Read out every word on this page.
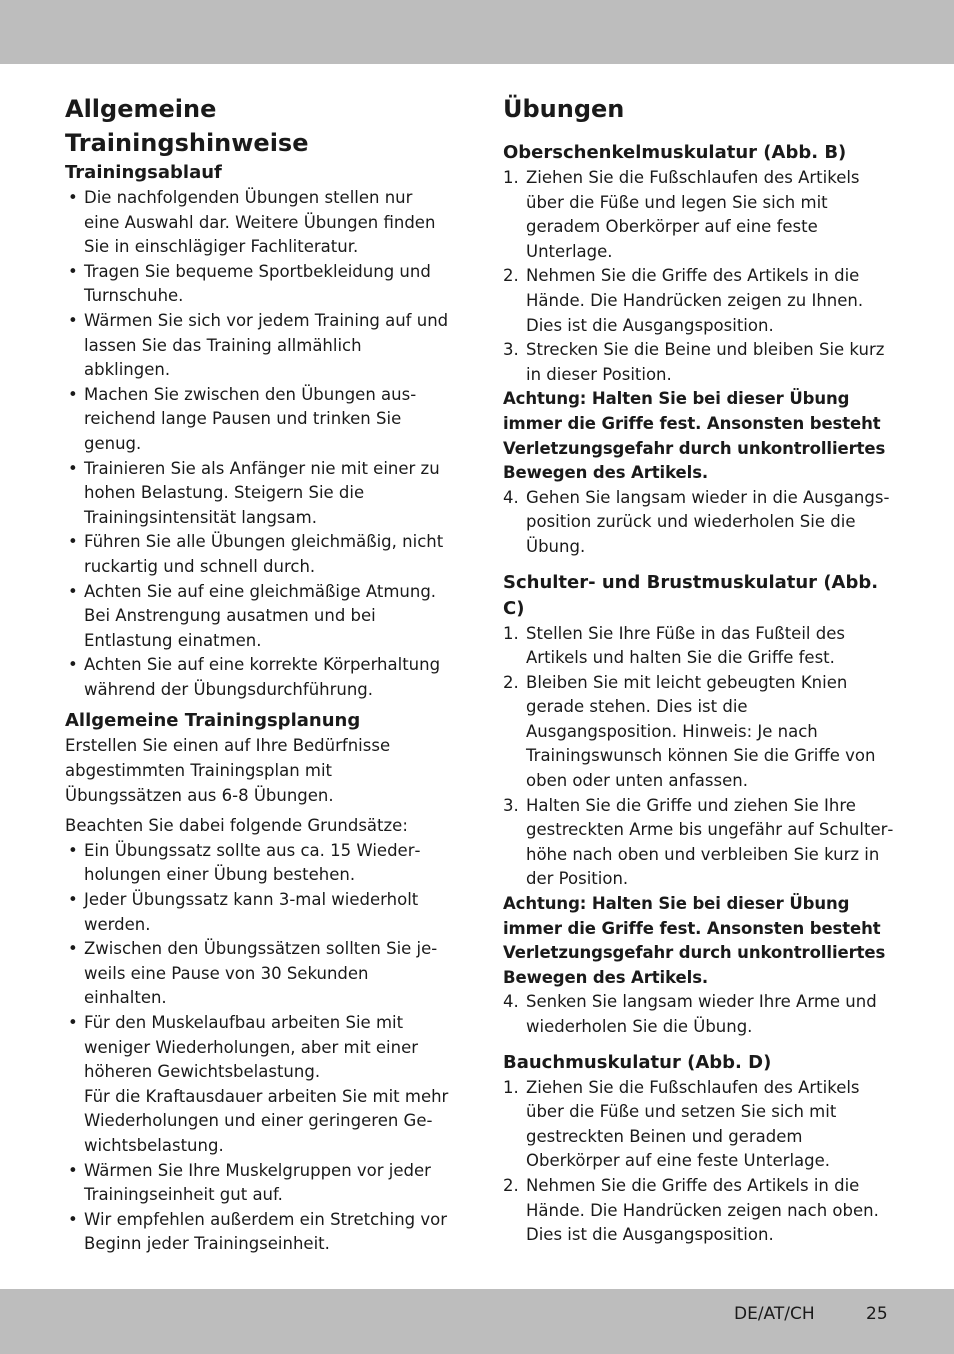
Allgemeine Trainingshinweise
Trainingsablauf
• Die nachfolgenden Übungen stellen nur eine Auswahl dar. Weitere Übungen finden Sie in einschlägiger Fachliteratur.
• Tragen Sie bequeme Sportbekleidung und Turnschuhe.
• Wärmen Sie sich vor jedem Training auf und lassen Sie das Training allmählich abklingen.
• Machen Sie zwischen den Übungen ausreichend lange Pausen und trinken Sie genug.
• Trainieren Sie als Anfänger nie mit einer zu hohen Belastung. Steigern Sie die Trainingsintensität langsam.
• Führen Sie alle Übungen gleichmäßig, nicht ruckartig und schnell durch.
• Achten Sie auf eine gleichmäßige Atmung. Bei Anstrengung ausatmen und bei Entlastung einatmen.
• Achten Sie auf eine korrekte Körperhaltung während der Übungsdurchführung.
Allgemeine Trainingsplanung

Erstellen Sie einen auf Ihre Bedürfnisse abgestimmten Trainingsplan mit Übungssätzen aus 6-8 Übungen.

Beachten Sie dabei folgende Grundsätze:

• Ein Übungssatz sollte aus ca. 15 Wiederholungen einer Übung bestehen.
• Jeder Übungssatz kann 3-mal wiederholt werden.
• Zwischen den Übungssätzen sollten Sie jeweils eine Pause von 30 Sekunden einhalten.
• Für den Muskelaufbau arbeiten Sie mit weniger Wiederholungen, aber mit einer höheren Gewichtsbelastung.
Für die Kraftausdauer arbeiten Sie mit mehr Wiederholungen und einer geringeren Gewichtsbelastung.
• Wärmen Sie Ihre Muskelgruppen vor jeder Trainingseinheit gut auf.
• Wir empfehlen außerdem ein Stretching vor Beginn jeder Trainingseinheit.
Übungen
Oberschenkelmuskulatur (Abb. B)
1. Ziehen Sie die Fußschlaufen des Artikels über die Füße und legen Sie sich mit geradem Oberkörper auf eine feste Unterlage.
2. Nehmen Sie die Griffe des Artikels in die Hände. Die Handrücken zeigen zu Ihnen. Dies ist die Ausgangsposition.
3. Strecken Sie die Beine und bleiben Sie kurz in dieser Position.

Achtung: Halten Sie bei dieser Übung immer die Griffe fest. Ansonsten besteht Verletzungsgefahr durch unkontrolliertes Bewegen des Artikels.

4. Gehen Sie langsam wieder in die Ausgangsposition zurück und wiederholen Sie die Übung.
Schulter- und Brustmuskulatur (Abb. C)
1. Stellen Sie Ihre Füße in das Fußteil des Artikels und halten Sie die Griffe fest.
2. Bleiben Sie mit leicht gebeugten Knien gerade stehen. Dies ist die Ausgangsposition. Hinweis: Je nach Trainingswunsch können Sie die Griffe von oben oder unten anfassen.
3. Halten Sie die Griffe und ziehen Sie Ihre gestreckten Arme bis ungefähr auf Schulterhöhe nach oben und verbleiben Sie kurz in der Position.

Achtung: Halten Sie bei dieser Übung immer die Griffe fest. Ansonsten besteht Verletzungsgefahr durch unkontrolliertes Bewegen des Artikels.

4. Senken Sie langsam wieder Ihre Arme und wiederholen Sie die Übung.
Bauchmuskulatur (Abb. D)
1. Ziehen Sie die Fußschlaufen des Artikels über die Füße und setzen Sie sich mit gestreckten Beinen und geradem Oberkörper auf eine feste Unterlage.
2. Nehmen Sie die Griffe des Artikels in die Hände. Die Handrücken zeigen nach oben. Dies ist die Ausgangsposition.
DE/AT/CH	25
